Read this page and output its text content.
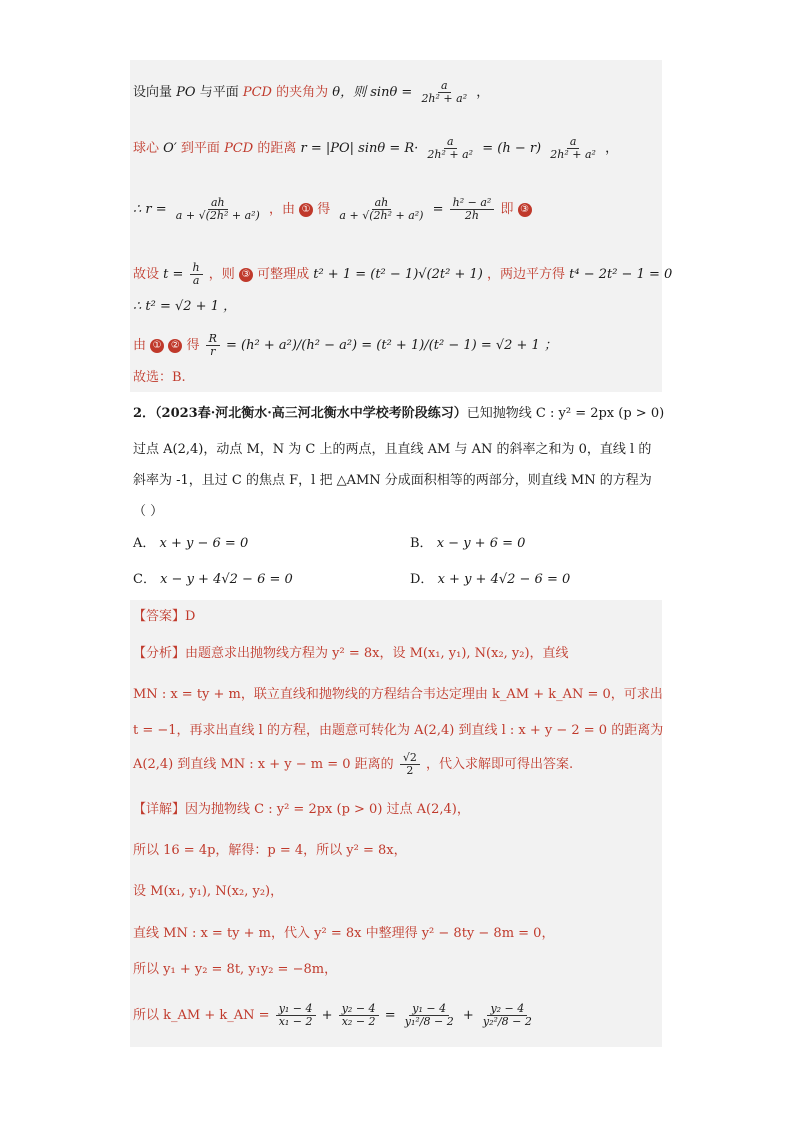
设向量 PO 与平面 PCD 的夹角为 θ，则 $\sin\theta = \frac{a}{\text{2h² + a²}}$ ，
球心 O′ 到平面 PCD 的距离 r = |PO| $\sin\theta = R\cdot \frac{a}{\text{2h² + a²}} = (h - r) \frac{a}{\text{2h² + a²}}$ ，
∴ $r = \frac{ah}{\text{a + √(2h² + a²)}}$ ，由 ① 得 $\frac{ah}{\text{a + √(2h² + a²)}} = \frac{\text{h² − a²}}{2h}$ 即 ③
故设 $t = \frac{h}{a}$ ，则 ③ 可整理成 t² + 1 = (t² − 1)√(2t² + 1) ，两边平方得 t⁴ − 2t² − 1 = 0
∴ t² = √2 + 1 ，
由 ① ② 得 $\frac{R}{r} = (h^2 + a^2)/(h^2 - a^2) = (t^2 + 1)/(t^2 - 1) = √2 + 1$ ；
故选：B.
2．（2023春·河北衡水·高三河北衡水中学校考阶段练习）已知抛物线 C : y² = 2px (p > 0)
过点 A(2,4)，动点 M，N 为 C 上的两点，且直线 AM 与 AN 的斜率之和为 0，直线 l 的
斜率为 -1，且过 C 的焦点 F，l 把 △AMN 分成面积相等的两部分，则直线 MN 的方程为
（ ）
A． x + y − 6 = 0	B． x − y + 6 = 0
C． x − y + 4√2 − 6 = 0	D． x + y + 4√2 − 6 = 0
【答案】D
【分析】由题意求出抛物线方程为 y² = 8x，设 M(x₁, y₁), N(x₂, y₂)，直线
MN : x = ty + m，联立直线和抛物线的方程结合韦达定理由 k_AM + k_AN = 0，可求出
t = −1，再求出直线 l 的方程，由题意可转化为 A(2,4) 到直线 l : x + y − 2 = 0 的距离为
A(2,4) 到直线 MN : x + y − m = 0 距离的 $\frac{√2}{2}$ ，代入求解即可得出答案.
【详解】因为抛物线 C : y² = 2px (p > 0) 过点 A(2,4)，
所以 16 = 4p，解得：p = 4，所以 y² = 8x，
设 M(x₁, y₁), N(x₂, y₂)，
直线 MN : x = ty + m，代入 y² = 8x 中整理得 y² − 8ty − 8m = 0，
所以 y₁ + y₂ = 8t, y₁y₂ = −8m，
所以 k_AM + k_AN = $\frac{\text{y₁ − 4}}{\text{x₁ − 2}} + \frac{\text{y₂ − 4}}{\text{x₂ − 2}} = \frac{\text{y₁ − 4}}{\text{y₁²/8 − 2}} + \frac{\text{y₂ − 4}}{\text{y₂²/8 − 2}}$
